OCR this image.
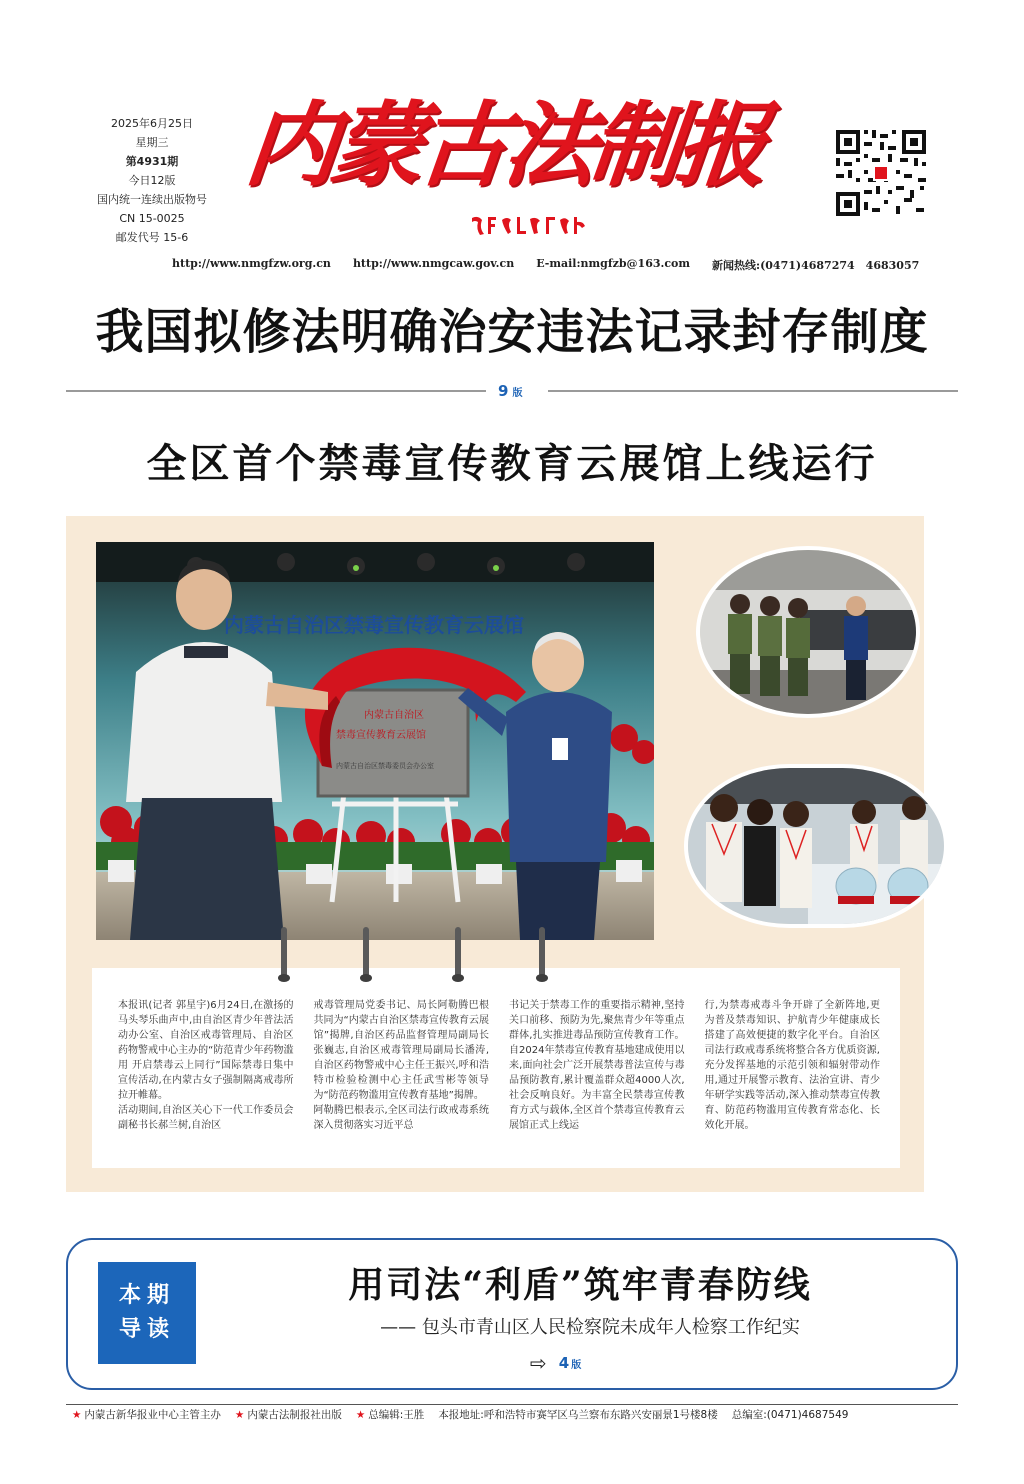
2025年6月25日
星期三
第4931期
今日12版
国内统一连续出版物号
CN 15-0025
邮发代号 15-6
内蒙古法制报
http://www.nmgfzw.org.cn http://www.nmgcaw.gov.cn E-mail:nmgfzb@163.com 新闻热线:(0471)4687274　4683057
我国拟修法明确治安违法记录封存制度
9 版
全区首个禁毒宣传教育云展馆上线运行
内蒙古自治区禁毒宣传教育云展馆
内蒙古自治区
禁毒宣传教育云展馆
内蒙古自治区禁毒委员会办公室
本报讯(记者 郭星宇)6月24日,在激扬的马头琴乐曲声中,由自治区青少年普法活动办公室、自治区戒毒管理局、自治区药物警戒中心主办的“防范青少年药物滥用 开启禁毒云上同行”国际禁毒日集中宣传活动,在内蒙古女子强制隔离戒毒所拉开帷幕。
活动期间,自治区关心下一代工作委员会副秘书长郝兰树,自治区
戒毒管理局党委书记、局长阿勒腾巴根共同为“内蒙古自治区禁毒宣传教育云展馆”揭牌,自治区药品监督管理局副局长张巍志,自治区戒毒管理局副局长潘涛,自治区药物警戒中心主任王振兴,呼和浩特市检验检测中心主任武雪彬等领导为“防范药物滥用宣传教育基地”揭牌。
阿勒腾巴根表示,全区司法行政戒毒系统深入贯彻落实习近平总
书记关于禁毒工作的重要指示精神,坚持关口前移、预防为先,聚焦青少年等重点群体,扎实推进毒品预防宣传教育工作。自2024年禁毒宣传教育基地建成使用以来,面向社会广泛开展禁毒普法宣传与毒品预防教育,累计覆盖群众超4000人次,社会反响良好。为丰富全民禁毒宣传教育方式与载体,全区首个禁毒宣传教育云展馆正式上线运
行,为禁毒戒毒斗争开辟了全新阵地,更为普及禁毒知识、护航青少年健康成长搭建了高效便捷的数字化平台。自治区司法行政戒毒系统将整合各方优质资源,充分发挥基地的示范引领和辐射带动作用,通过开展警示教育、法治宣讲、青少年研学实践等活动,深入推动禁毒宣传教育、防范药物滥用宣传教育常态化、长效化开展。
本期
导读
用司法“利盾”筑牢青春防线
—— 包头市青山区人民检察院未成年人检察工作纪实
⇨ 4 版
★ 内蒙古新华报业中心主管主办 ★ 内蒙古法制报社出版 ★ 总编辑:王胜 本报地址:呼和浩特市赛罕区乌兰察布东路兴安丽景1号楼8楼 总编室:(0471)4687549
